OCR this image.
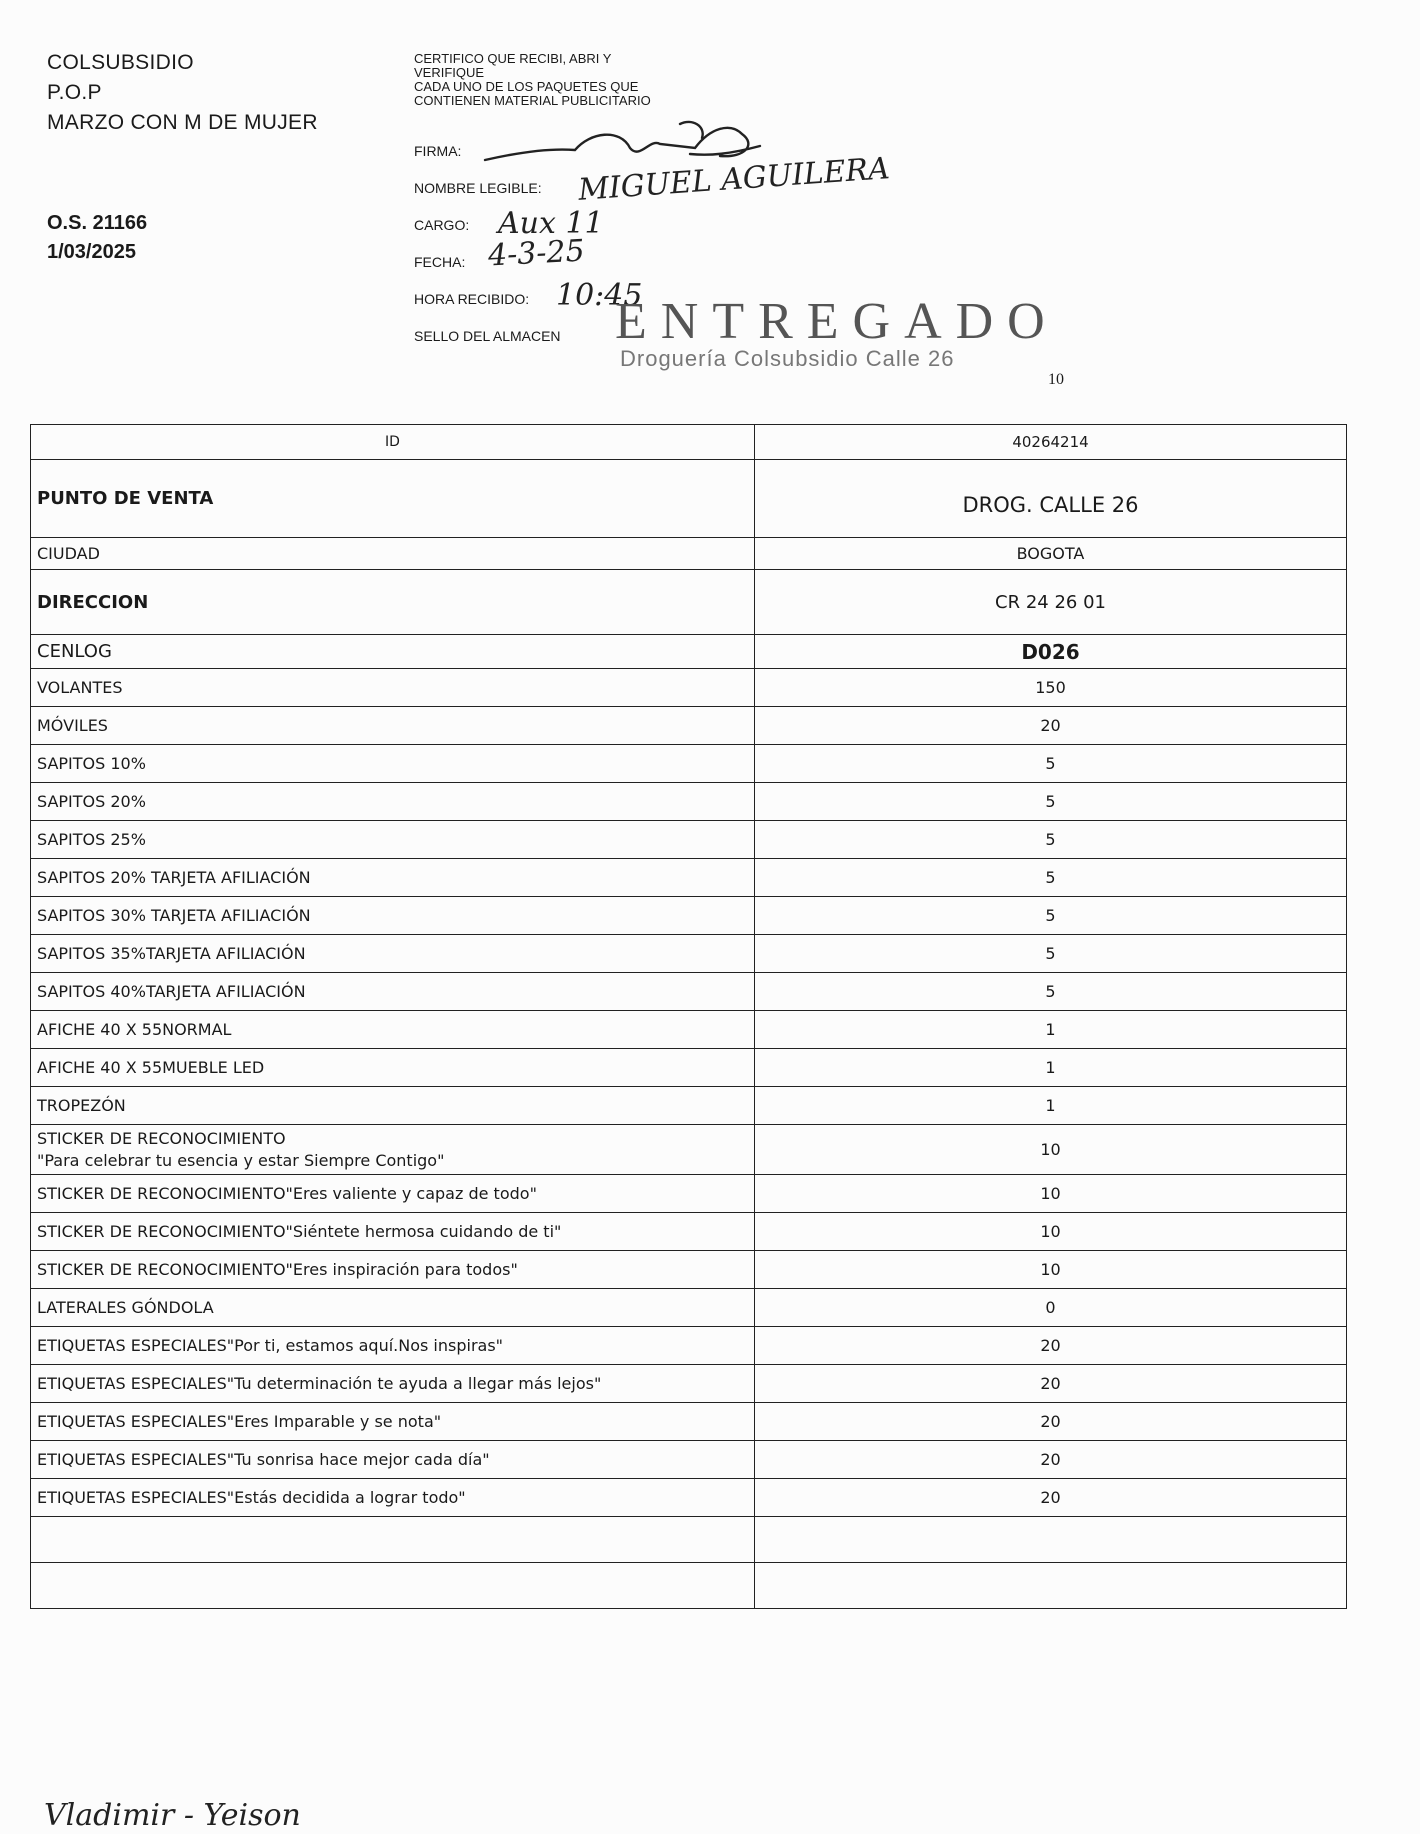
COLSUBSIDIO
P.O.P
MARZO CON M DE MUJER
O.S. 21166
1/03/2025
CERTIFICO QUE RECIBI, ABRI Y
VERIFIQUE
CADA UNO DE LOS PAQUETES QUE
CONTIENEN MATERIAL PUBLICITARIO
FIRMA:
NOMBRE LEGIBLE: MIGUEL AGUILERA
CARGO: Aux 11
FECHA: 4-3-25
HORA RECIBIDO: 10:45
SELLO DEL ALMACEN ENTREGADO
Droguería Colsubsidio Calle 26
10
ID	40264214
PUNTO DE VENTA	DROG. CALLE 26
CIUDAD	BOGOTA
DIRECCION	CR 24 26 01
CENLOG	D026
VOLANTES	150
MÓVILES	20
SAPITOS 10%	5
SAPITOS 20%	5
SAPITOS 25%	5
SAPITOS 20% TARJETA AFILIACIÓN	5
SAPITOS 30% TARJETA AFILIACIÓN	5
SAPITOS 35%TARJETA AFILIACIÓN	5
SAPITOS 40%TARJETA AFILIACIÓN	5
AFICHE 40 X 55NORMAL	1
AFICHE 40 X 55MUEBLE LED	1
TROPEZÓN	1

STICKER DE RECONOCIMIENTO
"Para celebrar tu esencia y estar Siempre Contigo"	10
STICKER DE RECONOCIMIENTO"Eres valiente y capaz de todo"	10
STICKER DE RECONOCIMIENTO"Siéntete hermosa cuidando de ti"	10
STICKER DE RECONOCIMIENTO"Eres inspiración para todos"	10
LATERALES GÓNDOLA	0
ETIQUETAS ESPECIALES"Por ti, estamos aquí.Nos inspiras"	20
ETIQUETAS ESPECIALES"Tu determinación te ayuda a llegar más lejos"	20
ETIQUETAS ESPECIALES"Eres Imparable y se nota"	20
ETIQUETAS ESPECIALES"Tu sonrisa hace mejor cada día"	20
ETIQUETAS ESPECIALES"Estás decidida a lograr todo"	20

Vladimir - Yeison
